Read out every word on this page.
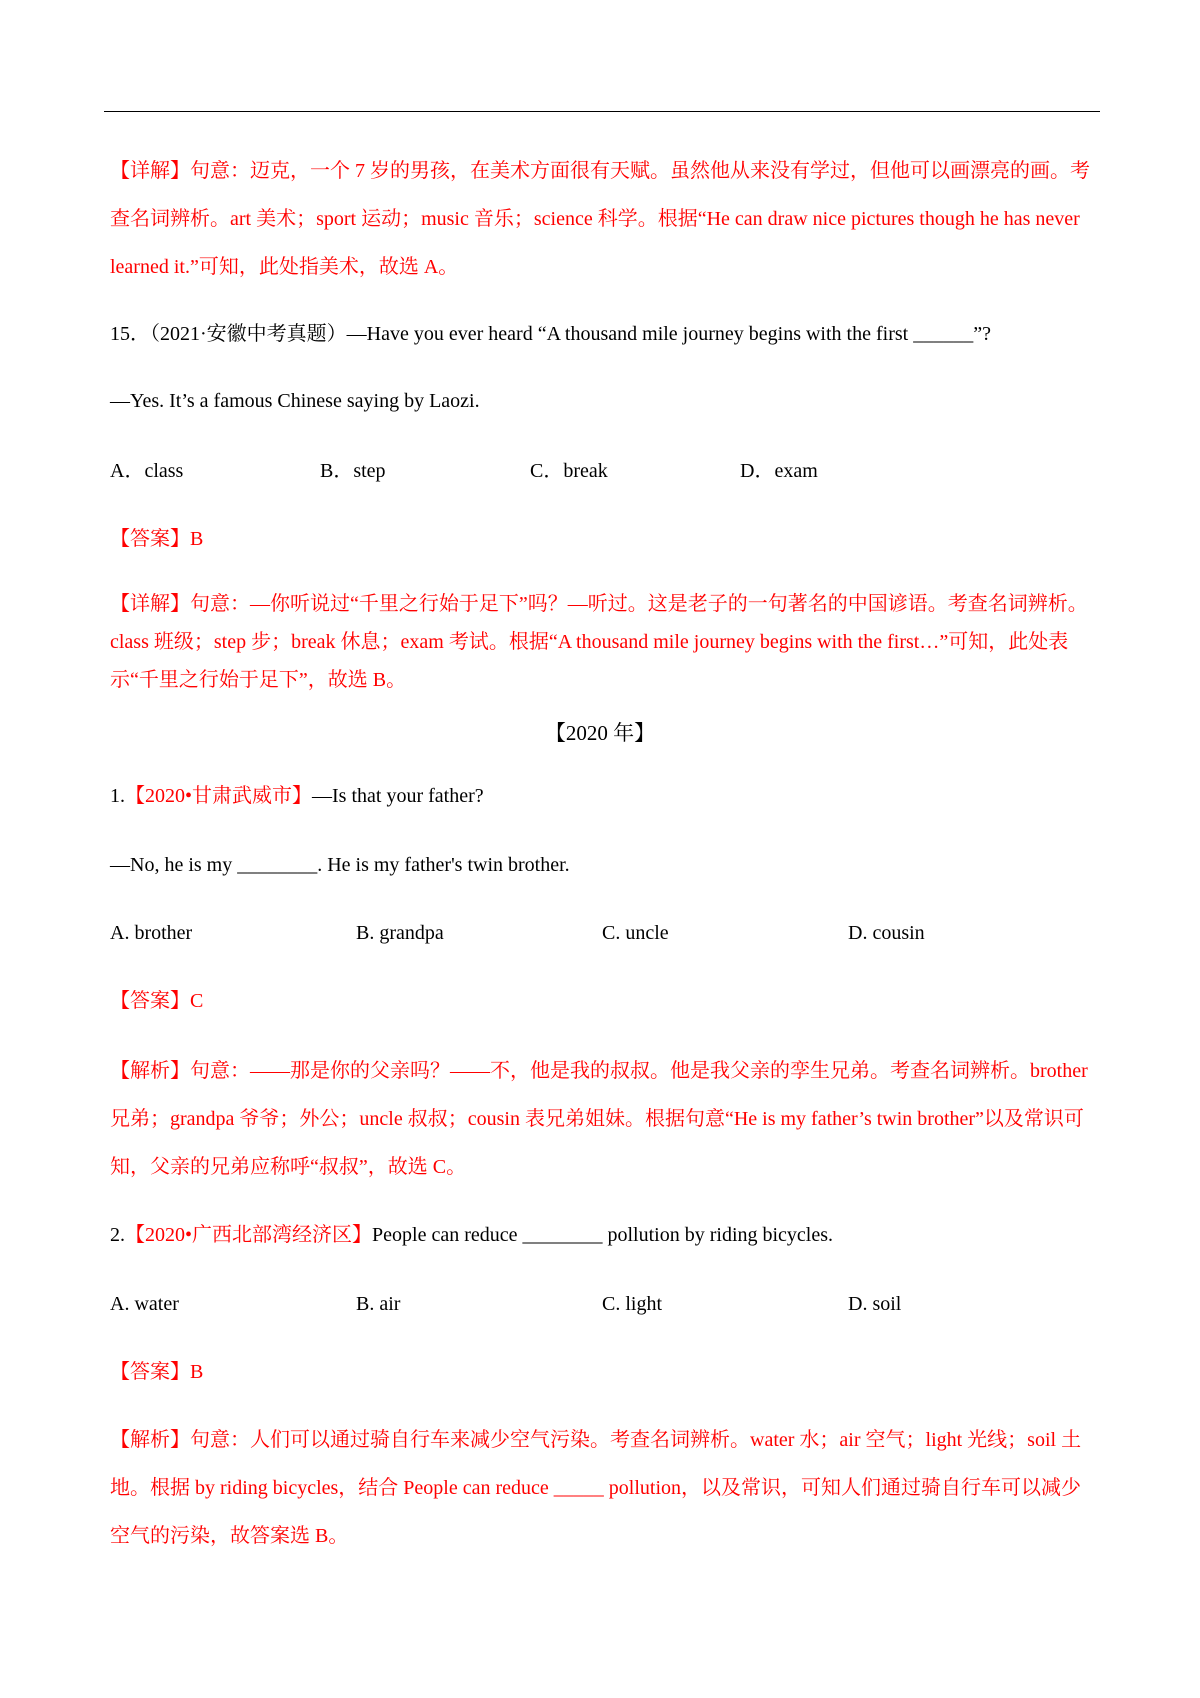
【详解】句意：迈克，一个 7 岁的男孩，在美术方面很有天赋。虽然他从来没有学过，但他可以画漂亮的画。考查名词辨析。art 美术；sport 运动；music 音乐；science 科学。根据“He can draw nice pictures though he has never learned it.”可知，此处指美术，故选 A。

15．（2021·安徽中考真题）—Have you ever heard “A thousand mile journey begins with the first ______”?
—Yes. It’s a famous Chinese saying by Laozi.
A．class	B．step	C．break	D．exam
【答案】B

【详解】句意：—你听说过“千里之行始于足下”吗？—听过。这是老子的一句著名的中国谚语。考查名词辨析。class 班级；step 步；break 休息；exam 考试。根据“A thousand mile journey begins with the first…”可知，此处表示“千里之行始于足下”，故选 B。

【2020 年】
1.【2020•甘肃武威市】—Is that your father?
—No, he is my ________. He is my father's twin brother.
A. brother	B. grandpa	C. uncle	D. cousin
【答案】C

【解析】句意：——那是你的父亲吗？——不，他是我的叔叔。他是我父亲的孪生兄弟。考查名词辨析。brother 兄弟；grandpa 爷爷；外公；uncle 叔叔；cousin 表兄弟姐妹。根据句意“He is my father’s twin brother”以及常识可知，父亲的兄弟应称呼“叔叔”，故选 C。

2.【2020•广西北部湾经济区】People can reduce ________ pollution by riding bicycles.
A. water	B. air	C. light	D. soil
【答案】B

【解析】句意：人们可以通过骑自行车来减少空气污染。考查名词辨析。water 水；air 空气；light 光线；soil 土地。根据 by riding bicycles，结合 People can reduce _____ pollution，以及常识，可知人们通过骑自行车可以减少空气的污染，故答案选 B。
